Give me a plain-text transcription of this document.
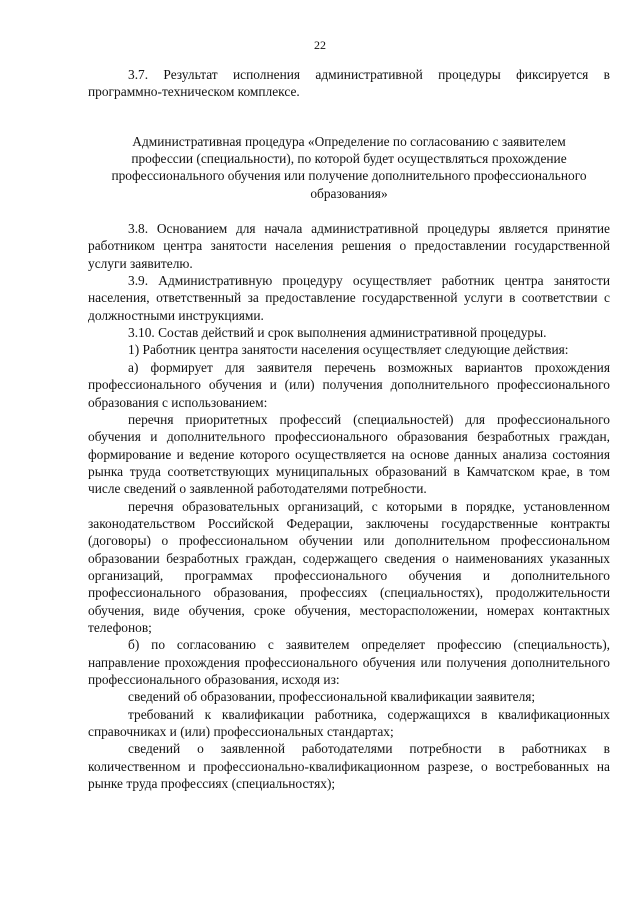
22

3.7. Результат исполнения административной процедуры фиксируется в программно-техническом комплексе.

Административная процедура «Определение по согласованию с заявителем профессии (специальности), по которой будет осуществляться прохождение профессионального обучения или получение дополнительного профессионального образования»

3.8. Основанием для начала административной процедуры является принятие работником центра занятости населения решения о предоставлении государственной услуги заявителю.

3.9. Административную процедуру осуществляет работник центра занятости населения, ответственный за предоставление государственной услуги в соответствии с должностными инструкциями.

3.10. Состав действий и срок выполнения административной процедуры.

1) Работник центра занятости населения осуществляет следующие действия:

а) формирует для заявителя перечень возможных вариантов прохождения профессионального обучения и (или) получения дополнительного профессионального образования с использованием:

перечня приоритетных профессий (специальностей) для профессионального обучения и дополнительного профессионального образования безработных граждан, формирование и ведение которого осуществляется на основе данных анализа состояния рынка труда соответствующих муниципальных образований в Камчатском крае, в том числе сведений о заявленной работодателями потребности.

перечня образовательных организаций, с которыми в порядке, установленном законодательством Российской Федерации, заключены государственные контракты (договоры) о профессиональном обучении или дополнительном профессиональном образовании безработных граждан, содержащего сведения о наименованиях указанных организаций, программах профессионального обучения и дополнительного профессионального образования, профессиях (специальностях), продолжительности обучения, виде обучения, сроке обучения, месторасположении, номерах контактных телефонов;

б) по согласованию с заявителем определяет профессию (специальность), направление прохождения профессионального обучения или получения дополнительного профессионального образования, исходя из:

сведений об образовании, профессиональной квалификации заявителя;

требований к квалификации работника, содержащихся в квалификационных справочниках и (или) профессиональных стандартах;

сведений о заявленной работодателями потребности в работниках в количественном и профессионально-квалификационном разрезе, о востребованных на рынке труда профессиях (специальностях);
